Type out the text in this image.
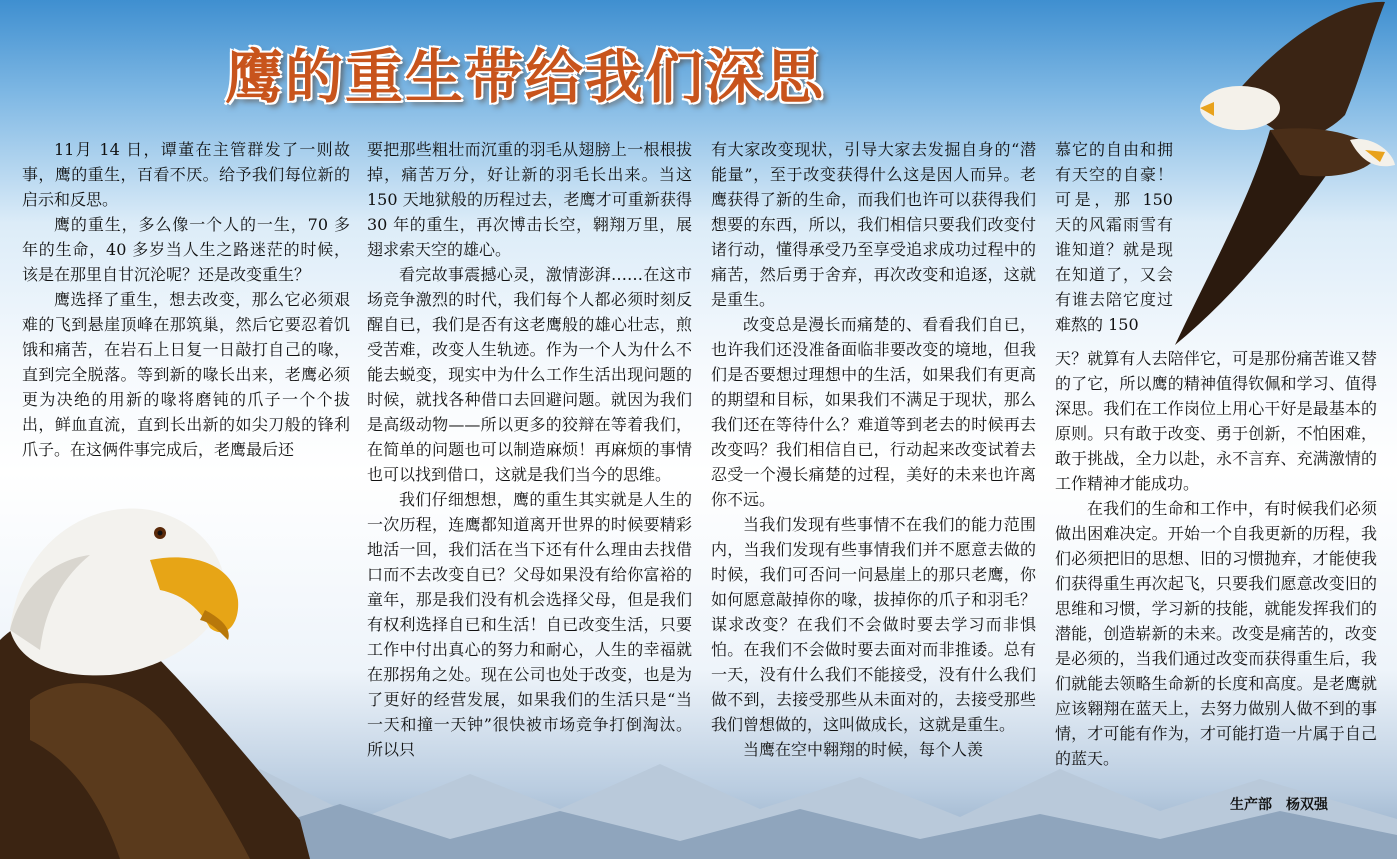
鹰的重生带给我们深思

11月 14 日，谭董在主管群发了一则故事，鹰的重生，百看不厌。给予我们每位新的启示和反思。

鹰的重生，多么像一个人的一生，70 多年的生命，40 多岁当人生之路迷茫的时候，该是在那里自甘沉沦呢？还是改变重生？

鹰选择了重生，想去改变，那么它必须艰难的飞到悬崖顶峰在那筑巢，然后它要忍着饥饿和痛苦，在岩石上日复一日敲打自己的喙，直到完全脱落。等到新的喙长出来，老鹰必须更为决绝的用新的喙将磨钝的爪子一个个拔出，鲜血直流，直到长出新的如尖刀般的锋利爪子。在这俩件事完成后，老鹰最后还

要把那些粗壮而沉重的羽毛从翅膀上一根根拔掉，痛苦万分，好让新的羽毛长出来。当这 150 天地狱般的历程过去，老鹰才可重新获得 30 年的重生，再次博击长空，翱翔万里，展翅求索天空的雄心。

看完故事震撼心灵，激情澎湃……在这市场竞争激烈的时代，我们每个人都必须时刻反醒自已，我们是否有这老鹰般的雄心壮志，煎受苦难，改变人生轨迹。作为一个人为什么不能去蜕变，现实中为什么工作生活出现问题的时候，就找各种借口去回避问题。就因为我们是高级动物——所以更多的狡辩在等着我们，在简单的问题也可以制造麻烦！再麻烦的事情也可以找到借口，这就是我们当今的思维。

我们仔细想想，鹰的重生其实就是人生的一次历程，连鹰都知道离开世界的时候要精彩地活一回，我们活在当下还有什么理由去找借口而不去改变自已？父母如果没有给你富裕的童年，那是我们没有机会选择父母，但是我们有权利选择自已和生活！自已改变生活，只要工作中付出真心的努力和耐心，人生的幸福就在那拐角之处。现在公司也处于改变，也是为了更好的经营发展，如果我们的生活只是“当一天和撞一天钟”很快被市场竞争打倒淘汰。所以只

有大家改变现状，引导大家去发掘自身的“潜能量”，至于改变获得什么这是因人而异。老鹰获得了新的生命，而我们也许可以获得我们想要的东西，所以，我们相信只要我们改变付诸行动，懂得承受乃至享受追求成功过程中的痛苦，然后勇于舍弃，再次改变和追逐，这就是重生。

改变总是漫长而痛楚的、看看我们自已，也许我们还没准备面临非要改变的境地，但我们是否要想过理想中的生活，如果我们有更高的期望和目标，如果我们不满足于现状，那么我们还在等待什么？难道等到老去的时候再去改变吗？我们相信自已，行动起来改变试着去忍受一个漫长痛楚的过程，美好的未来也许离你不远。

当我们发现有些事情不在我们的能力范围内，当我们发现有些事情我们并不愿意去做的时候，我们可否问一问悬崖上的那只老鹰，你如何愿意敲掉你的喙，拔掉你的爪子和羽毛？谋求改变？在我们不会做时要去学习而非惧怕。在我们不会做时要去面对而非推诿。总有一天，没有什么我们不能接受，没有什么我们做不到，去接受那些从未面对的，去接受那些我们曾想做的，这叫做成长，这就是重生。

当鹰在空中翱翔的时候，每个人羡

慕它的自由和拥有天空的自豪！可是，那 150 天的风霜雨雪有谁知道？就是现在知道了，又会有谁去陪它度过难熬的 150

天？就算有人去陪伴它，可是那份痛苦谁又替的了它，所以鹰的精神值得钦佩和学习、值得深思。我们在工作岗位上用心干好是最基本的原则。只有敢于改变、勇于创新，不怕困难，敢于挑战，全力以赴，永不言弃、充满激情的工作精神才能成功。

在我们的生命和工作中，有时候我们必须做出困难决定。开始一个自我更新的历程，我们必须把旧的思想、旧的习惯抛弃，才能使我们获得重生再次起飞，只要我们愿意改变旧的思维和习惯，学习新的技能，就能发挥我们的潜能，创造崭新的未来。改变是痛苦的，改变是必须的，当我们通过改变而获得重生后，我们就能去领略生命新的长度和高度。是老鹰就应该翱翔在蓝天上，去努力做别人做不到的事情，才可能有作为，才可能打造一片属于自己的蓝天。

生产部　杨双强
